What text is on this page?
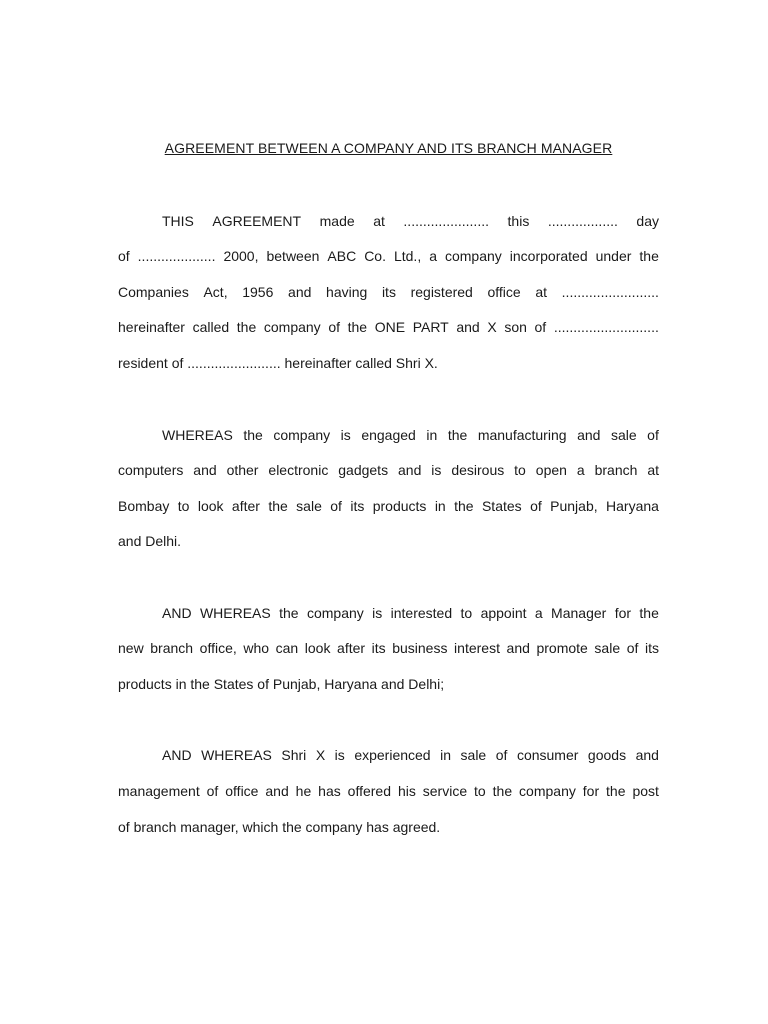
AGREEMENT BETWEEN A COMPANY AND ITS BRANCH MANAGER
THIS AGREEMENT made at ...................... this .................. day
of .................... 2000, between ABC Co. Ltd., a company incorporated under the
Companies Act, 1956 and having its registered office at .........................
hereinafter called the company of the ONE PART and X son of ...........................
resident of ........................ hereinafter called Shri X.
WHEREAS the company is engaged in the manufacturing and sale of
computers and other electronic gadgets and is desirous to open a branch at
Bombay to look after the sale of its products in the States of Punjab, Haryana
and Delhi.
AND WHEREAS the company is interested to appoint a Manager for the
new branch office, who can look after its business interest and promote sale of its
products in the States of Punjab, Haryana and Delhi;
AND WHEREAS Shri X is experienced in sale of consumer goods and
management of office and he has offered his service to the company for the post
of branch manager, which the company has agreed.
